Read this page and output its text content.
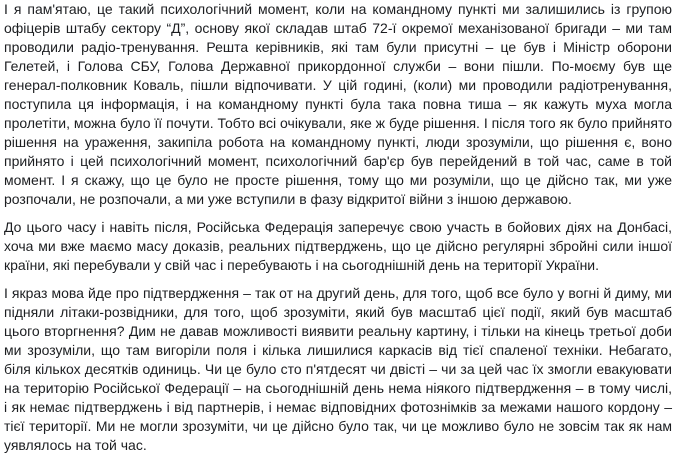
І я пам'ятаю, це такий психологічний момент, коли на командному пункті ми залишились із групою
офіцерів штабу сектору “Д”, основу якої складав штаб 72-ї окремої механізованої бригади – ми там
проводили радіо-тренування. Решта керівників, які там були присутні – це був і Міністр оборони
Гелетей, і Голова СБУ, Голова Державної прикордонної служби – вони пішли. По-моєму був ще
генерал-полковник Коваль, пішли відпочивати. У цій годині, (коли) ми проводили радіотренування,
поступила ця інформація, і на командному пункті була така повна тиша – як кажуть муха могла
пролетіти, можна було її почути. Тобто всі очікували, яке ж буде рішення. І після того як було прийнято
рішення на ураження, закипіла робота на командному пункті, люди зрозуміли, що рішення є, воно
прийнято і цей психологічний момент, психологічний бар'єр був перейдений в той час, саме в той
момент. І я скажу, що це було не просте рішення, тому що ми розуміли, що це дійсно так, ми уже
розпочали, не розпочали, а ми уже вступили в фазу відкритої війни з іншою державою.
До цього часу і навіть після, Російська Федерація заперечує свою участь в бойових діях на Донбасі,
хоча ми вже маємо масу доказів, реальних підтверджень, що це дійсно регулярні збройні сили іншої
країни, які перебували у свій час і перебувають і на сьогоднішній день на території України.
І якраз мова йде про підтвердження – так от на другий день, для того, щоб все було у вогні й диму, ми
підняли літаки-розвідники, для того, щоб зрозуміти, який був масштаб цієї події, який був масштаб
цього вторгнення? Дим не давав можливості виявити реальну картину, і тільки на кінець третьої доби
ми зрозуміли, що там вигоріли поля і кілька лишилися каркасів від тієї спаленої техніки. Небагато,
біля кількох десятків одиниць. Чи це було сто п'ятдесят чи двісті – чи за цей час їх змогли евакуювати
на територію Російської Федерації – на сьогоднішній день нема ніякого підтвердження – в тому числі,
і як немає підтверджень і від партнерів, і немає відповідних фотознімків за межами нашого кордону –
тієї території. Ми не могли зрозуміти, чи це дійсно було так, чи це можливо було не зовсім так як нам
уявлялось на той час.
